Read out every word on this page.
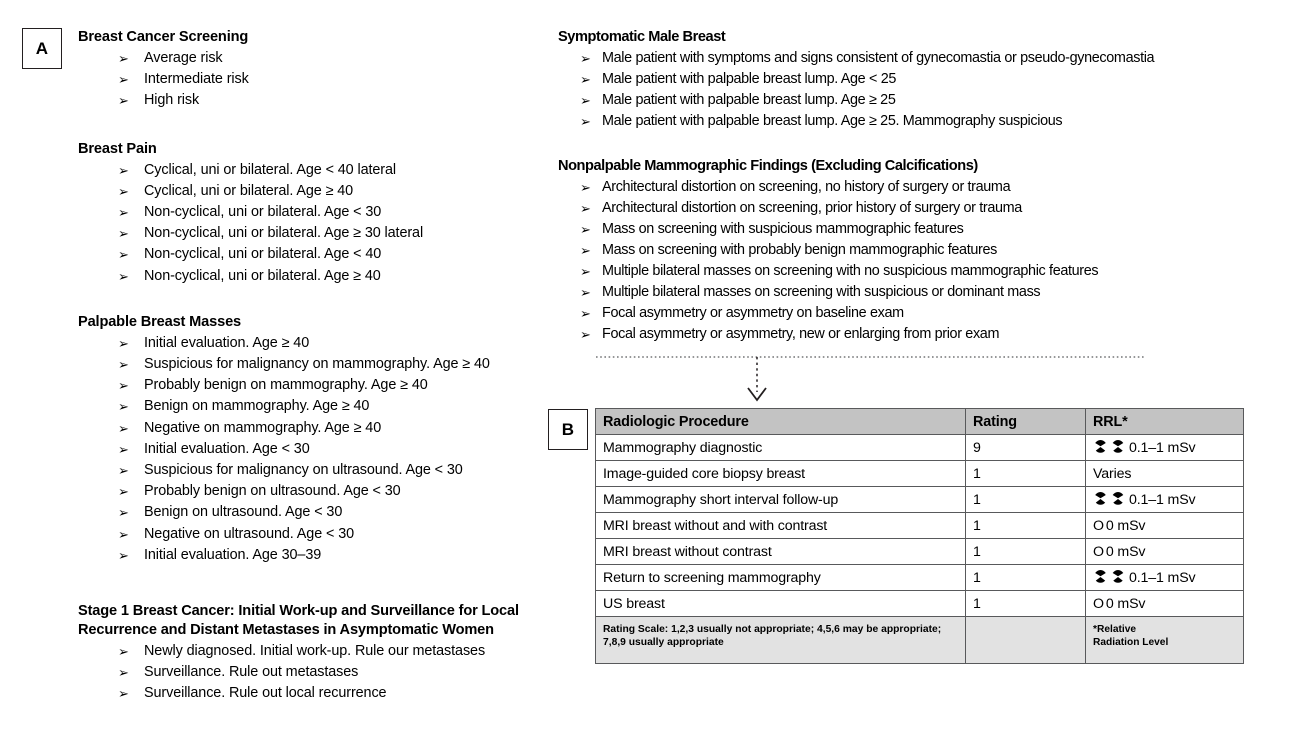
A
B
Breast Cancer Screening
➢ Average risk
➢ Intermediate risk
➢ High risk
Breast Pain
➢ Cyclical, uni or bilateral. Age < 40 lateral
➢ Cyclical, uni or bilateral. Age ≥ 40
➢ Non-cyclical, uni or bilateral. Age < 30
➢ Non-cyclical, uni or bilateral. Age ≥ 30 lateral
➢ Non-cyclical, uni or bilateral. Age < 40
➢ Non-cyclical, uni or bilateral. Age ≥ 40
Palpable Breast Masses
➢ Initial evaluation. Age ≥ 40
➢ Suspicious for malignancy on mammography. Age ≥ 40
➢ Probably benign on mammography. Age ≥ 40
➢ Benign on mammography. Age ≥ 40
➢ Negative on mammography. Age ≥ 40
➢ Initial evaluation. Age < 30
➢ Suspicious for malignancy on ultrasound. Age < 30
➢ Probably benign on ultrasound. Age < 30
➢ Benign on ultrasound. Age < 30
➢ Negative on ultrasound. Age < 30
➢ Initial evaluation. Age 30–39
Stage 1 Breast Cancer: Initial Work-up and Surveillance for Local Recurrence and Distant Metastases in Asymptomatic Women
➢ Newly diagnosed. Initial work-up. Rule our metastases
➢ Surveillance. Rule out metastases
➢ Surveillance. Rule out local recurrence
Symptomatic Male Breast
➢ Male patient with symptoms and signs consistent of gynecomastia or pseudo-gynecomastia
➢ Male patient with palpable breast lump. Age < 25
➢ Male patient with palpable breast lump. Age ≥ 25
➢ Male patient with palpable breast lump. Age ≥ 25. Mammography suspicious
Nonpalpable Mammographic Findings (Excluding Calcifications)
➢ Architectural distortion on screening, no history of surgery or trauma
➢ Architectural distortion on screening, prior history of surgery or trauma
➢ Mass on screening with suspicious mammographic features
➢ Mass on screening with probably benign mammographic features
➢ Multiple bilateral masses on screening with no suspicious mammographic features
➢ Multiple bilateral masses on screening with suspicious or dominant mass
➢ Focal asymmetry or asymmetry on baseline exam
➢ Focal asymmetry or asymmetry, new or enlarging from prior exam
Radiologic Procedure	Rating	RRL*
Mammography diagnostic	9	0.1–1 mSv
Image-guided core biopsy breast	1	Varies
Mammography short interval follow-up	1	0.1–1 mSv
MRI breast without and with contrast	1	O 0 mSv
MRI breast without contrast	1	O 0 mSv
Return to screening mammography	1	0.1–1 mSv
US breast	1	O 0 mSv
Rating Scale: 1,2,3 usually not appropriate; 4,5,6 may be appropriate; 7,8,9 usually appropriate		*Relative
Radiation Level
